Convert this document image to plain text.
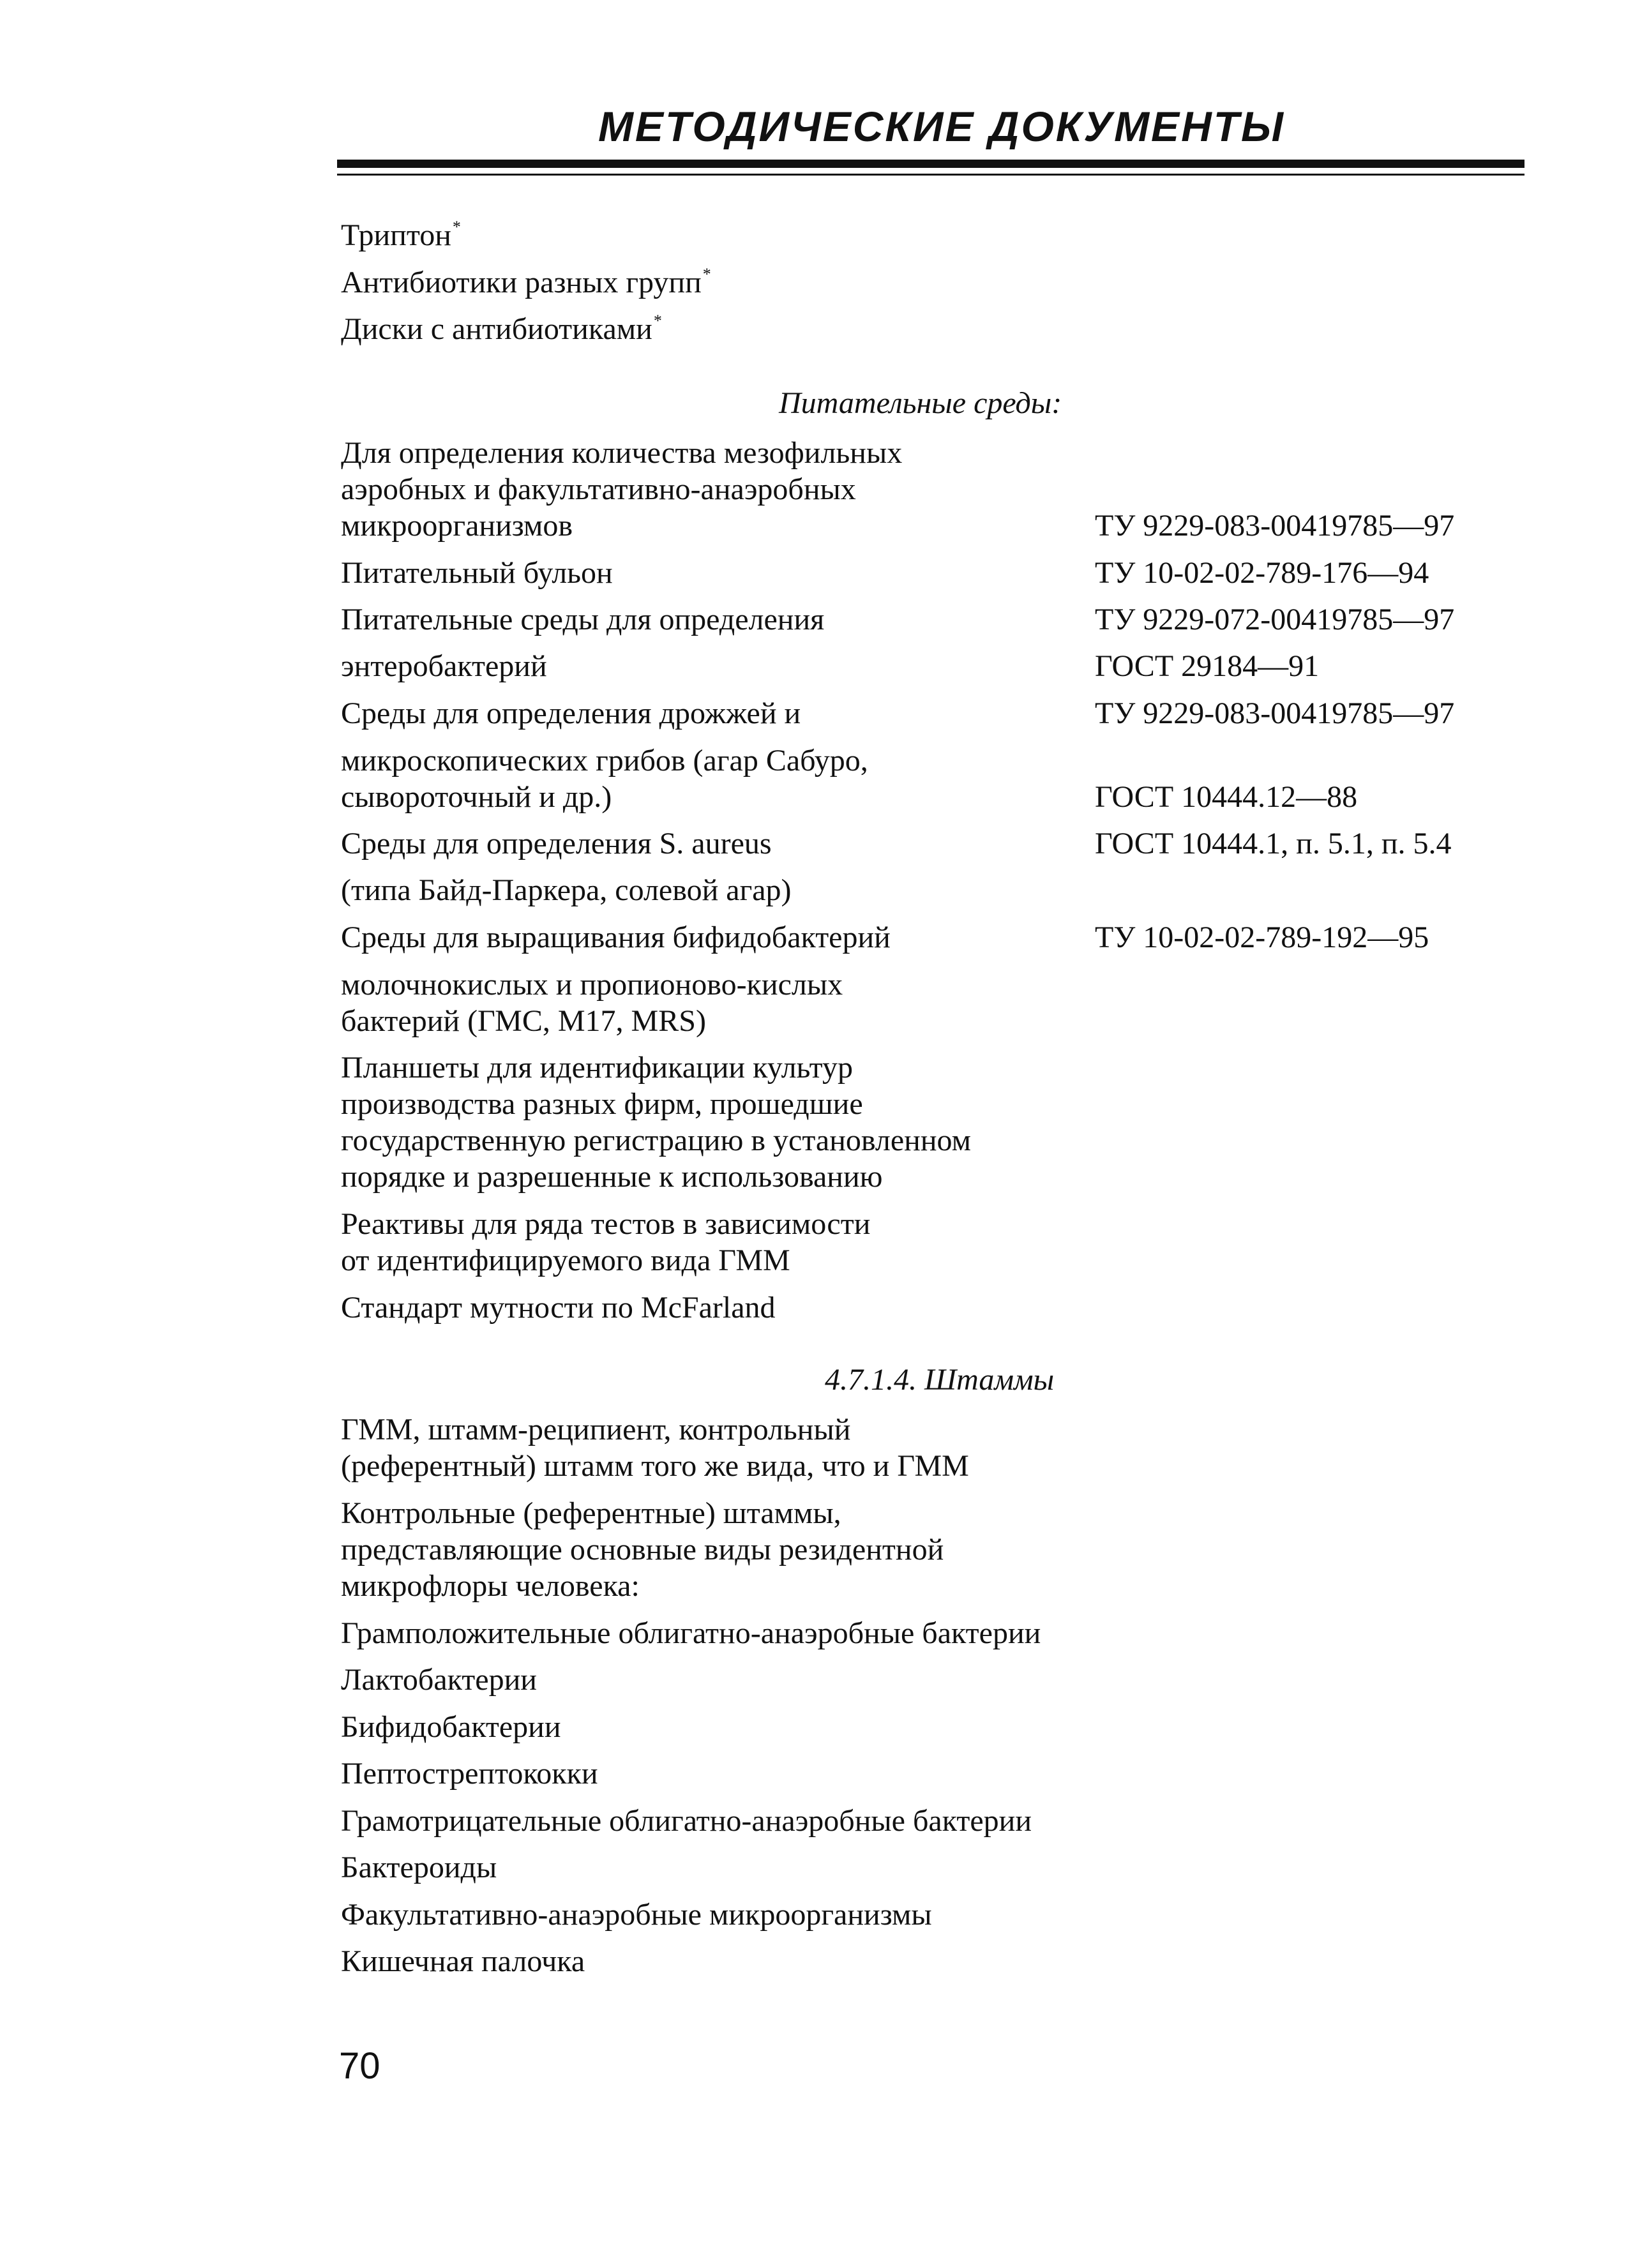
МЕТОДИЧЕСКИЕ ДОКУМЕНТЫ
Триптон*
Антибиотики разных групп*
Диски с антибиотиками*
Питательные среды:
Для определения количества мезофильных
аэробных и факультативно-анаэробных
микроорганизмов	ТУ 9229-083-00419785—97
Питательный бульон	ТУ 10-02-02-789-176—94
Питательные среды для определения	ТУ 9229-072-00419785—97
энтеробактерий	ГОСТ 29184—91
Среды для определения дрожжей и	ТУ 9229-083-00419785—97
микроскопических грибов (агар Сабуро,
сывороточный и др.)	ГОСТ 10444.12—88
Среды для определения S. aureus	ГОСТ 10444.1, п. 5.1, п. 5.4
(типа Байд-Паркера, солевой агар)
Среды для выращивания бифидобактерий	ТУ 10-02-02-789-192—95
молочнокислых и пропионово-кислых
бактерий (ГМС, М17, MRS)
Планшеты для идентификации культур
производства разных фирм, прошедшие
государственную регистрацию в установленном
порядке и разрешенные к использованию
Реактивы для ряда тестов в зависимости
от идентифицируемого вида ГММ
Стандарт мутности по McFarland
4.7.1.4. Штаммы
ГММ, штамм-реципиент, контрольный
(референтный) штамм того же вида, что и ГММ
Контрольные (референтные) штаммы,
представляющие основные виды резидентной
микрофлоры человека:
Грамположительные облигатно-анаэробные бактерии
Лактобактерии
Бифидобактерии
Пептострептококки
Грамотрицательные облигатно-анаэробные бактерии
Бактероиды
Факультативно-анаэробные микроорганизмы
Кишечная палочка
70
